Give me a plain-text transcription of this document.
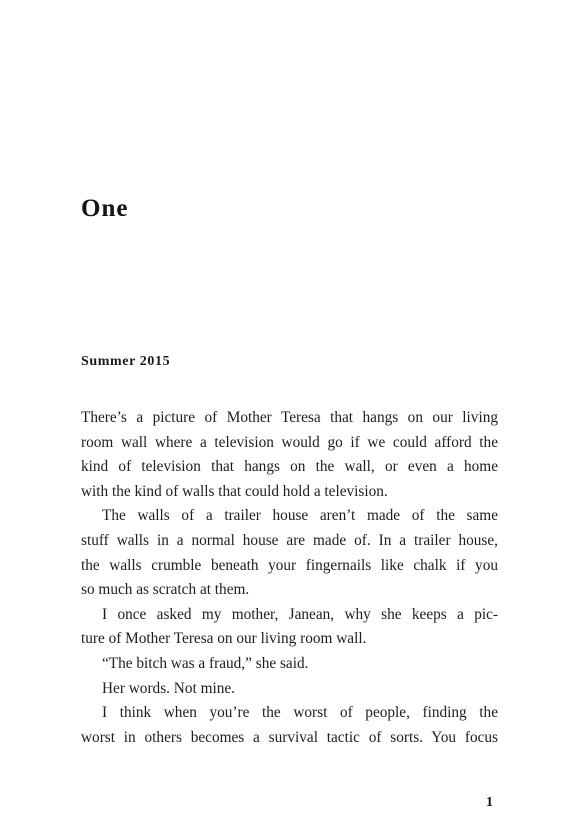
One
Summer 2015

There’s a picture of Mother Teresa that hangs on our living

room wall where a television would go if we could afford the

kind of television that hangs on the wall, or even a home

with the kind of walls that could hold a television.

The walls of a trailer house aren’t made of the same

stuff walls in a normal house are made of. In a trailer house,

the walls crumble beneath your fingernails like chalk if you

so much as scratch at them.

I once asked my mother, Janean, why she keeps a pic-

ture of Mother Teresa on our living room wall.

“The bitch was a fraud,” she said.

Her words. Not mine.

I think when you’re the worst of people, finding the

worst in others becomes a survival tactic of sorts. You focus

1
